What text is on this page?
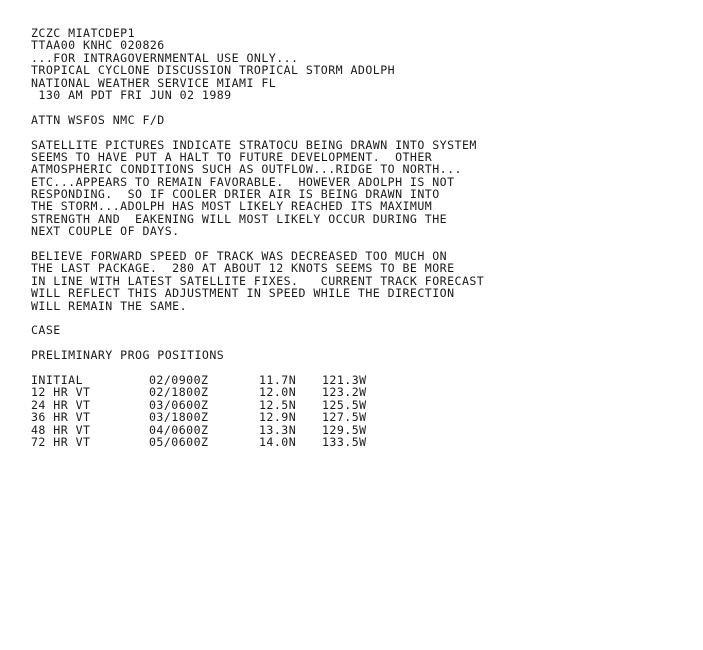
ZCZC MIATCDEP1
TTAA00 KNHC 020826
...FOR INTRAGOVERNMENTAL USE ONLY...
TROPICAL CYCLONE DISCUSSION TROPICAL STORM ADOLPH
NATIONAL WEATHER SERVICE MIAMI FL
130 AM PDT FRI JUN 02 1989
ATTN WSFOS NMC F/D
SATELLITE PICTURES INDICATE STRATOCU BEING DRAWN INTO SYSTEM
SEEMS TO HAVE PUT A HALT TO FUTURE DEVELOPMENT.  OTHER
ATMOSPHERIC CONDITIONS SUCH AS OUTFLOW...RIDGE TO NORTH...
ETC...APPEARS TO REMAIN FAVORABLE.  HOWEVER ADOLPH IS NOT
RESPONDING.  SO IF COOLER DRIER AIR IS BEING DRAWN INTO
THE STORM...ADOLPH HAS MOST LIKELY REACHED ITS MAXIMUM
STRENGTH AND  EAKENING WILL MOST LIKELY OCCUR DURING THE
NEXT COUPLE OF DAYS.
BELIEVE FORWARD SPEED OF TRACK WAS DECREASED TOO MUCH ON
THE LAST PACKAGE.  280 AT ABOUT 12 KNOTS SEEMS TO BE MORE
IN LINE WITH LATEST SATELLITE FIXES.   CURRENT TRACK FORECAST
WILL REFLECT THIS ADJUSTMENT IN SPEED WHILE THE DIRECTION
WILL REMAIN THE SAME.
CASE
PRELIMINARY PROG POSITIONS
INITIAL	02/0900Z	11.7N	121.3W
12 HR VT	02/1800Z	12.0N	123.2W
24 HR VT	03/0600Z	12.5N	125.5W
36 HR VT	03/1800Z	12.9N	127.5W
48 HR VT	04/0600Z	13.3N	129.5W
72 HR VT	05/0600Z	14.0N	133.5W
